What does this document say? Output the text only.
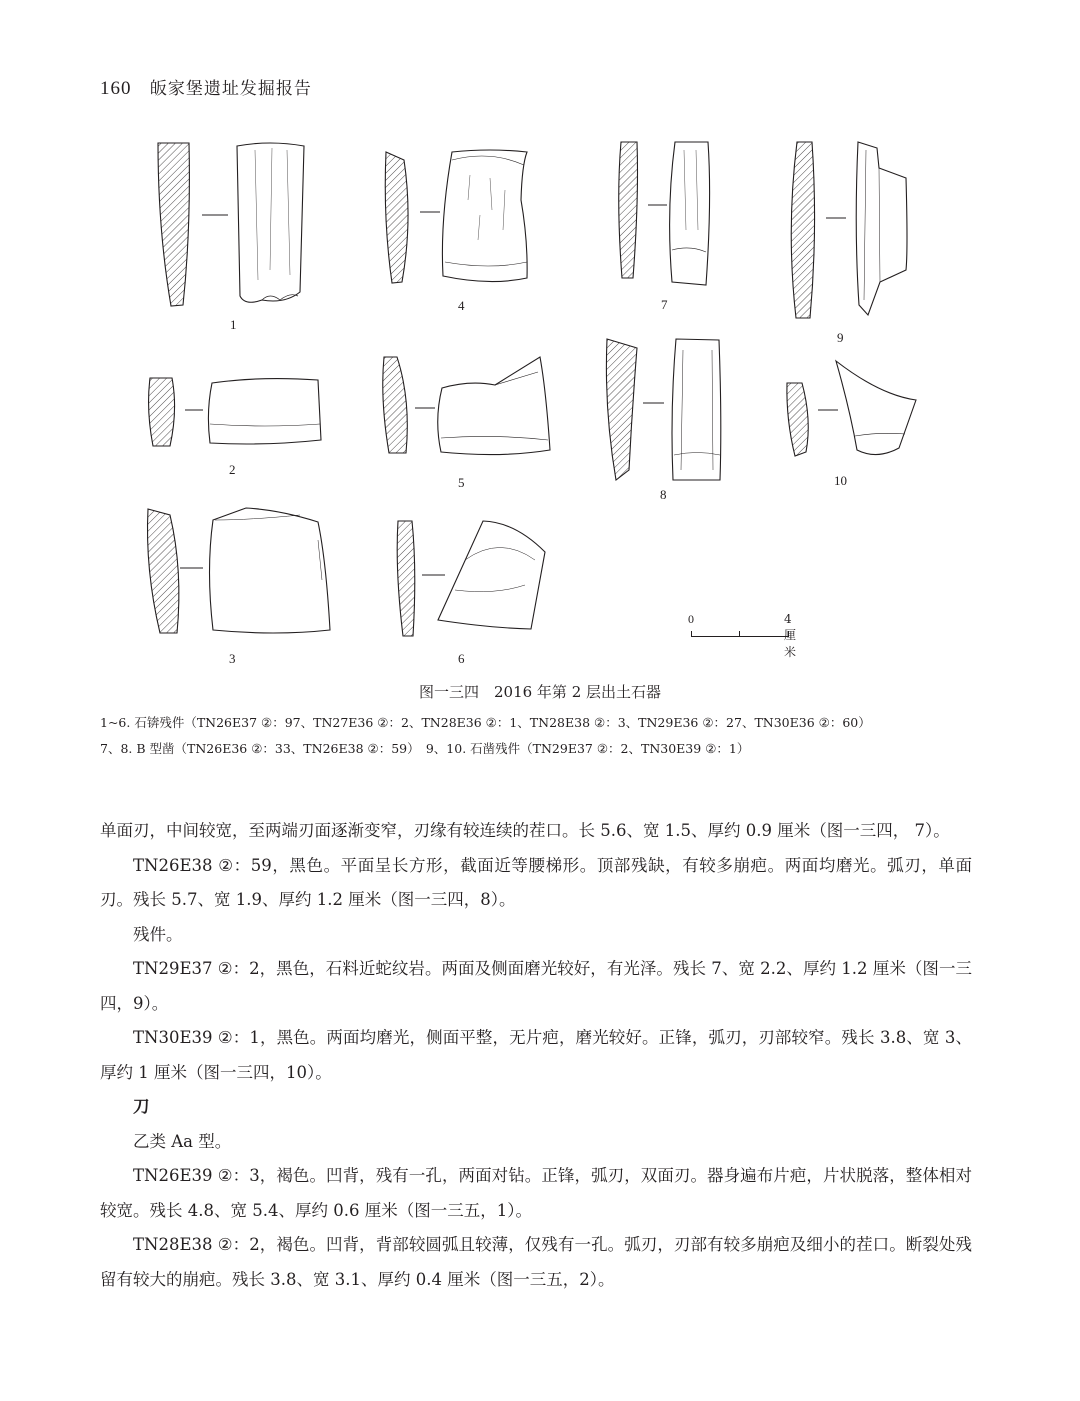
160 皈家堡遗址发掘报告
1
2
3
4
5
6
7
8
9
10
0	4 厘米
图一三四　2016 年第 2 层出土石器
1~6. 石锛残件（TN26E37 ②：97、TN27E36 ②：2、TN28E36 ②：1、TN28E38 ②：3、TN29E36 ②：27、TN30E36 ②：60）
7、8. B 型凿（TN26E36 ②：33、TN26E38 ②：59）　9、10. 石凿残件（TN29E37 ②：2、TN30E39 ②：1）

单面刃，中间较宽，至两端刃面逐渐变窄，刃缘有较连续的茬口。长 5.6、宽 1.5、厚约 0.9 厘米（图一三四， 7）。

TN26E38 ②：59，黑色。平面呈长方形，截面近等腰梯形。顶部残缺，有较多崩疤。两面均磨光。弧刃，单面刃。残长 5.7、宽 1.9、厚约 1.2 厘米（图一三四，8）。

残件。

TN29E37 ②：2，黑色，石料近蛇纹岩。两面及侧面磨光较好，有光泽。残长 7、宽 2.2、厚约 1.2 厘米（图一三四，9）。

TN30E39 ②：1，黑色。两面均磨光，侧面平整，无片疤，磨光较好。正锋，弧刃，刃部较窄。残长 3.8、宽 3、厚约 1 厘米（图一三四，10）。

刀

乙类 Aa 型。

TN26E39 ②：3，褐色。凹背，残有一孔，两面对钻。正锋，弧刃，双面刃。器身遍布片疤，片状脱落，整体相对较宽。残长 4.8、宽 5.4、厚约 0.6 厘米（图一三五，1）。

TN28E38 ②：2，褐色。凹背，背部较圆弧且较薄，仅残有一孔。弧刃，刃部有较多崩疤及细小的茬口。断裂处残留有较大的崩疤。残长 3.8、宽 3.1、厚约 0.4 厘米（图一三五，2）。
